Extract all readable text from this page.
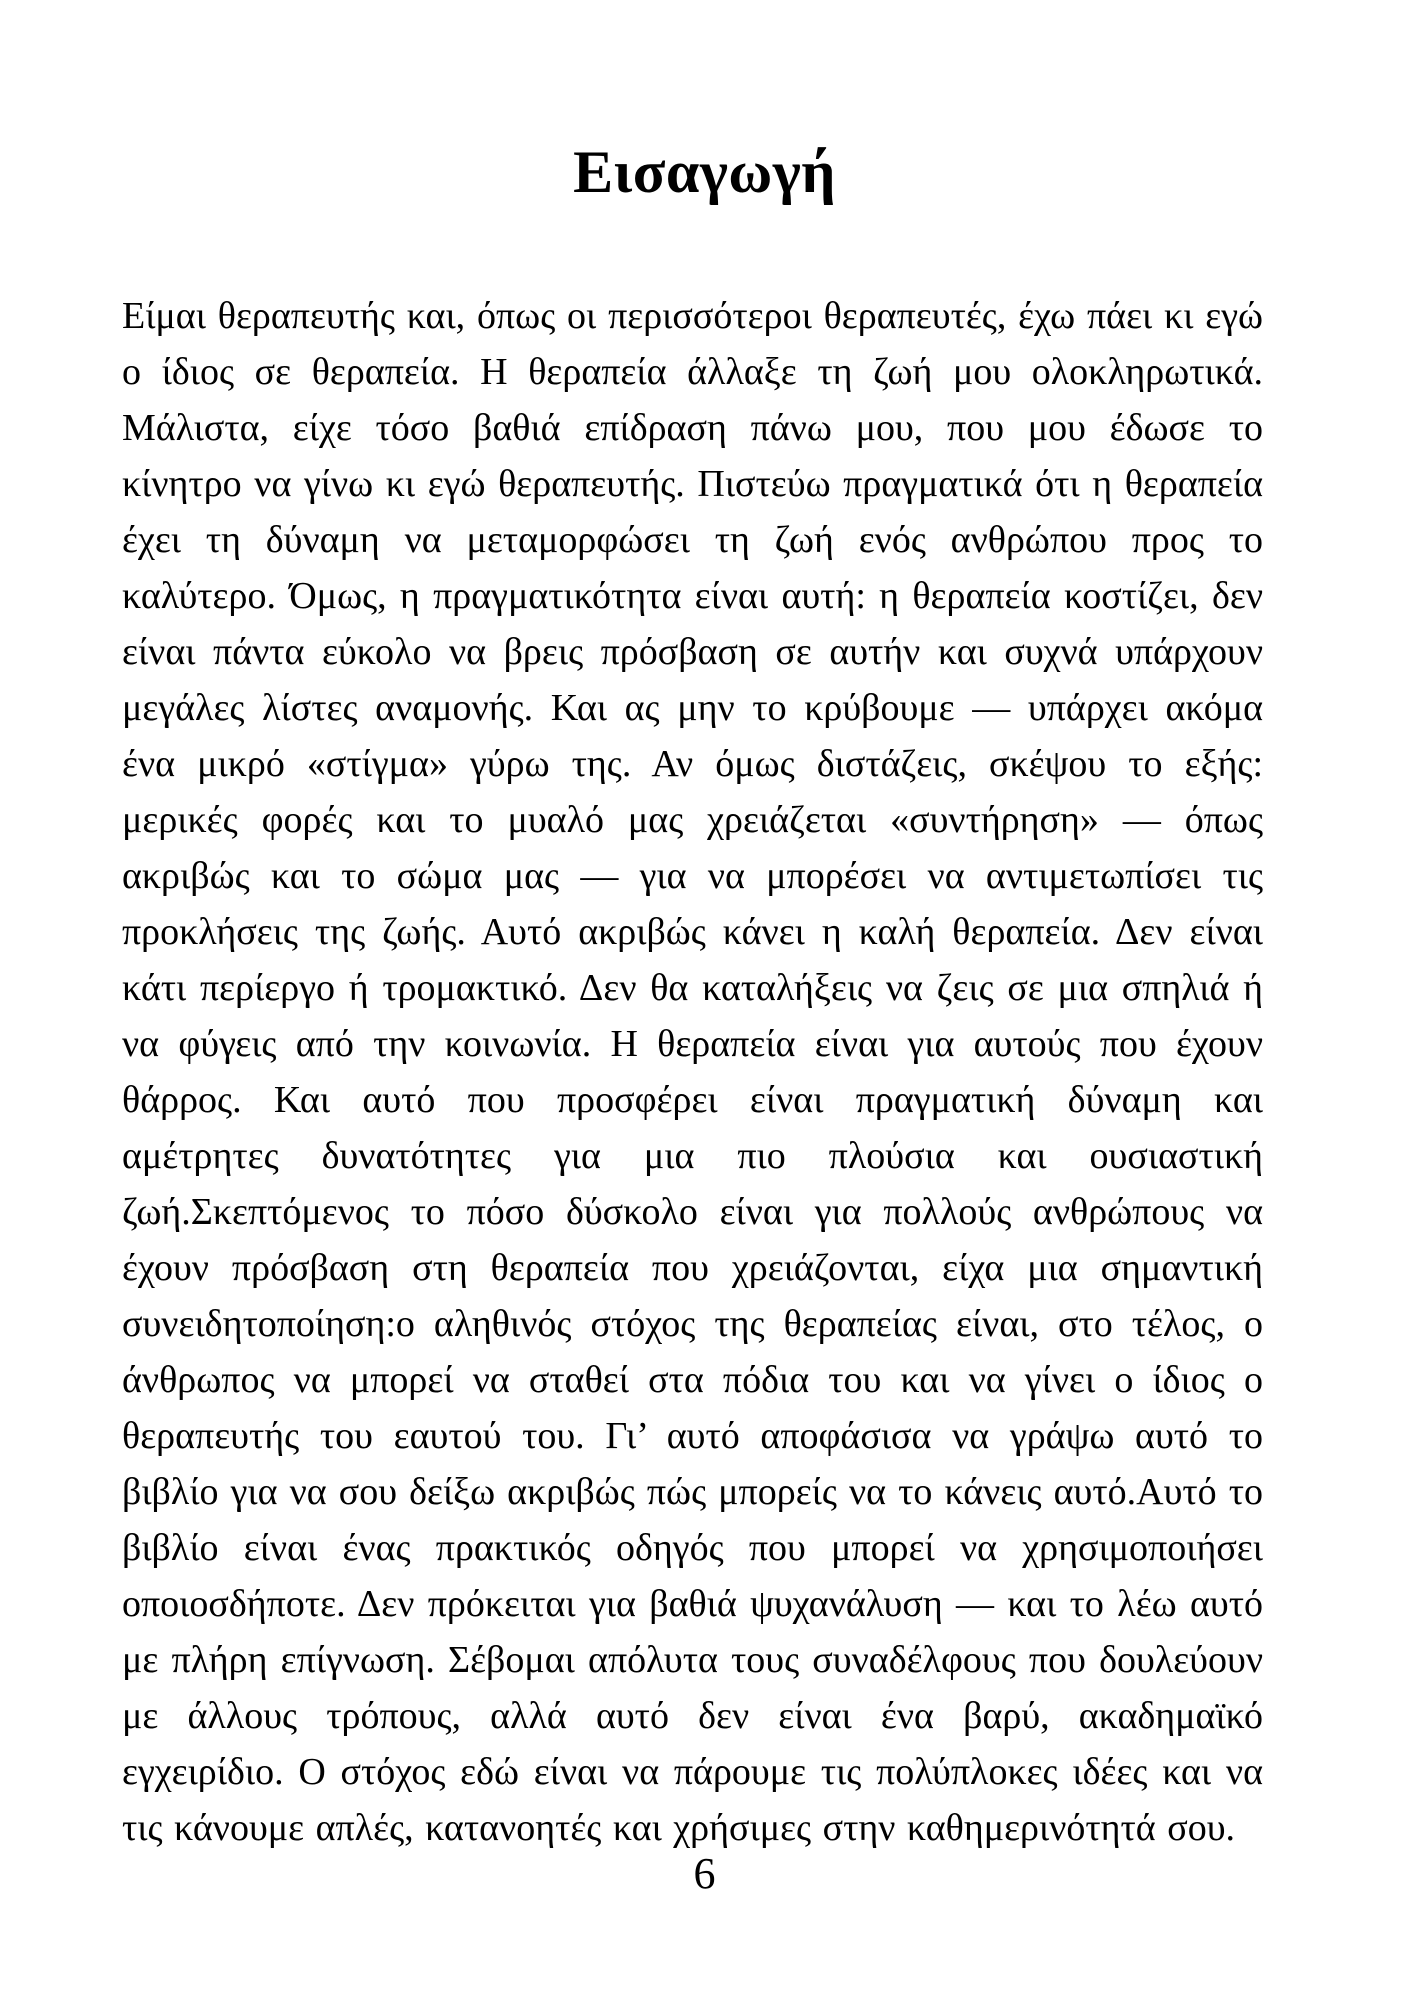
Εισαγωγή

Είμαι θεραπευτής και, όπως οι περισσότεροι θεραπευτές, έχω πάει κι εγώ ο ίδιος σε θεραπεία. Η θεραπεία άλλαξε τη ζωή μου ολοκληρωτικά. Μάλιστα, είχε τόσο βαθιά επίδραση πάνω μου, που μου έδωσε το κίνητρο να γίνω κι εγώ θεραπευτής. Πιστεύω πραγματικά ότι η θεραπεία έχει τη δύναμη να μεταμορφώσει τη ζωή ενός ανθρώπου προς το καλύτερο. Όμως, η πραγματικότητα είναι αυτή: η θεραπεία κοστίζει, δεν είναι πάντα εύκολο να βρεις πρόσβαση σε αυτήν και συχνά υπάρχουν μεγάλες λίστες αναμονής. Και ας μην το κρύβουμε — υπάρχει ακόμα ένα μικρό «στίγμα» γύρω της. Αν όμως διστάζεις, σκέψου το εξής: μερικές φορές και το μυαλό μας χρειάζεται «συντήρηση» — όπως ακριβώς και το σώμα μας — για να μπορέσει να αντιμετωπίσει τις προκλήσεις της ζωής. Αυτό ακριβώς κάνει η καλή θεραπεία. Δεν είναι κάτι περίεργο ή τρομακτικό. Δεν θα καταλήξεις να ζεις σε μια σπηλιά ή να φύγεις από την κοινωνία. Η θεραπεία είναι για αυτούς που έχουν θάρρος. Και αυτό που προσφέρει είναι πραγματική δύναμη και αμέτρητες δυνατότητες για μια πιο πλούσια και ουσιαστική ζωή.Σκεπτόμενος το πόσο δύσκολο είναι για πολλούς ανθρώπους να έχουν πρόσβαση στη θεραπεία που χρειάζονται, είχα μια σημαντική συνειδητοποίηση:ο αληθινός στόχος της θεραπείας είναι, στο τέλος, ο άνθρωπος να μπορεί να σταθεί στα πόδια του και να γίνει ο ίδιος ο θεραπευτής του εαυτού του. Γι’ αυτό αποφάσισα να γράψω αυτό το βιβλίο για να σου δείξω ακριβώς πώς μπορείς να το κάνεις αυτό.Αυτό το βιβλίο είναι ένας πρακτικός οδηγός που μπορεί να χρησιμοποιήσει οποιοσδήποτε. Δεν πρόκειται για βαθιά ψυχανάλυση — και το λέω αυτό με πλήρη επίγνωση. Σέβομαι απόλυτα τους συναδέλφους που δουλεύουν με άλλους τρόπους, αλλά αυτό δεν είναι ένα βαρύ, ακαδημαϊκό εγχειρίδιο. Ο στόχος εδώ είναι να πάρουμε τις πολύπλοκες ιδέες και να τις κάνουμε απλές, κατανοητές και χρήσιμες στην καθημερινότητά σου.

6
